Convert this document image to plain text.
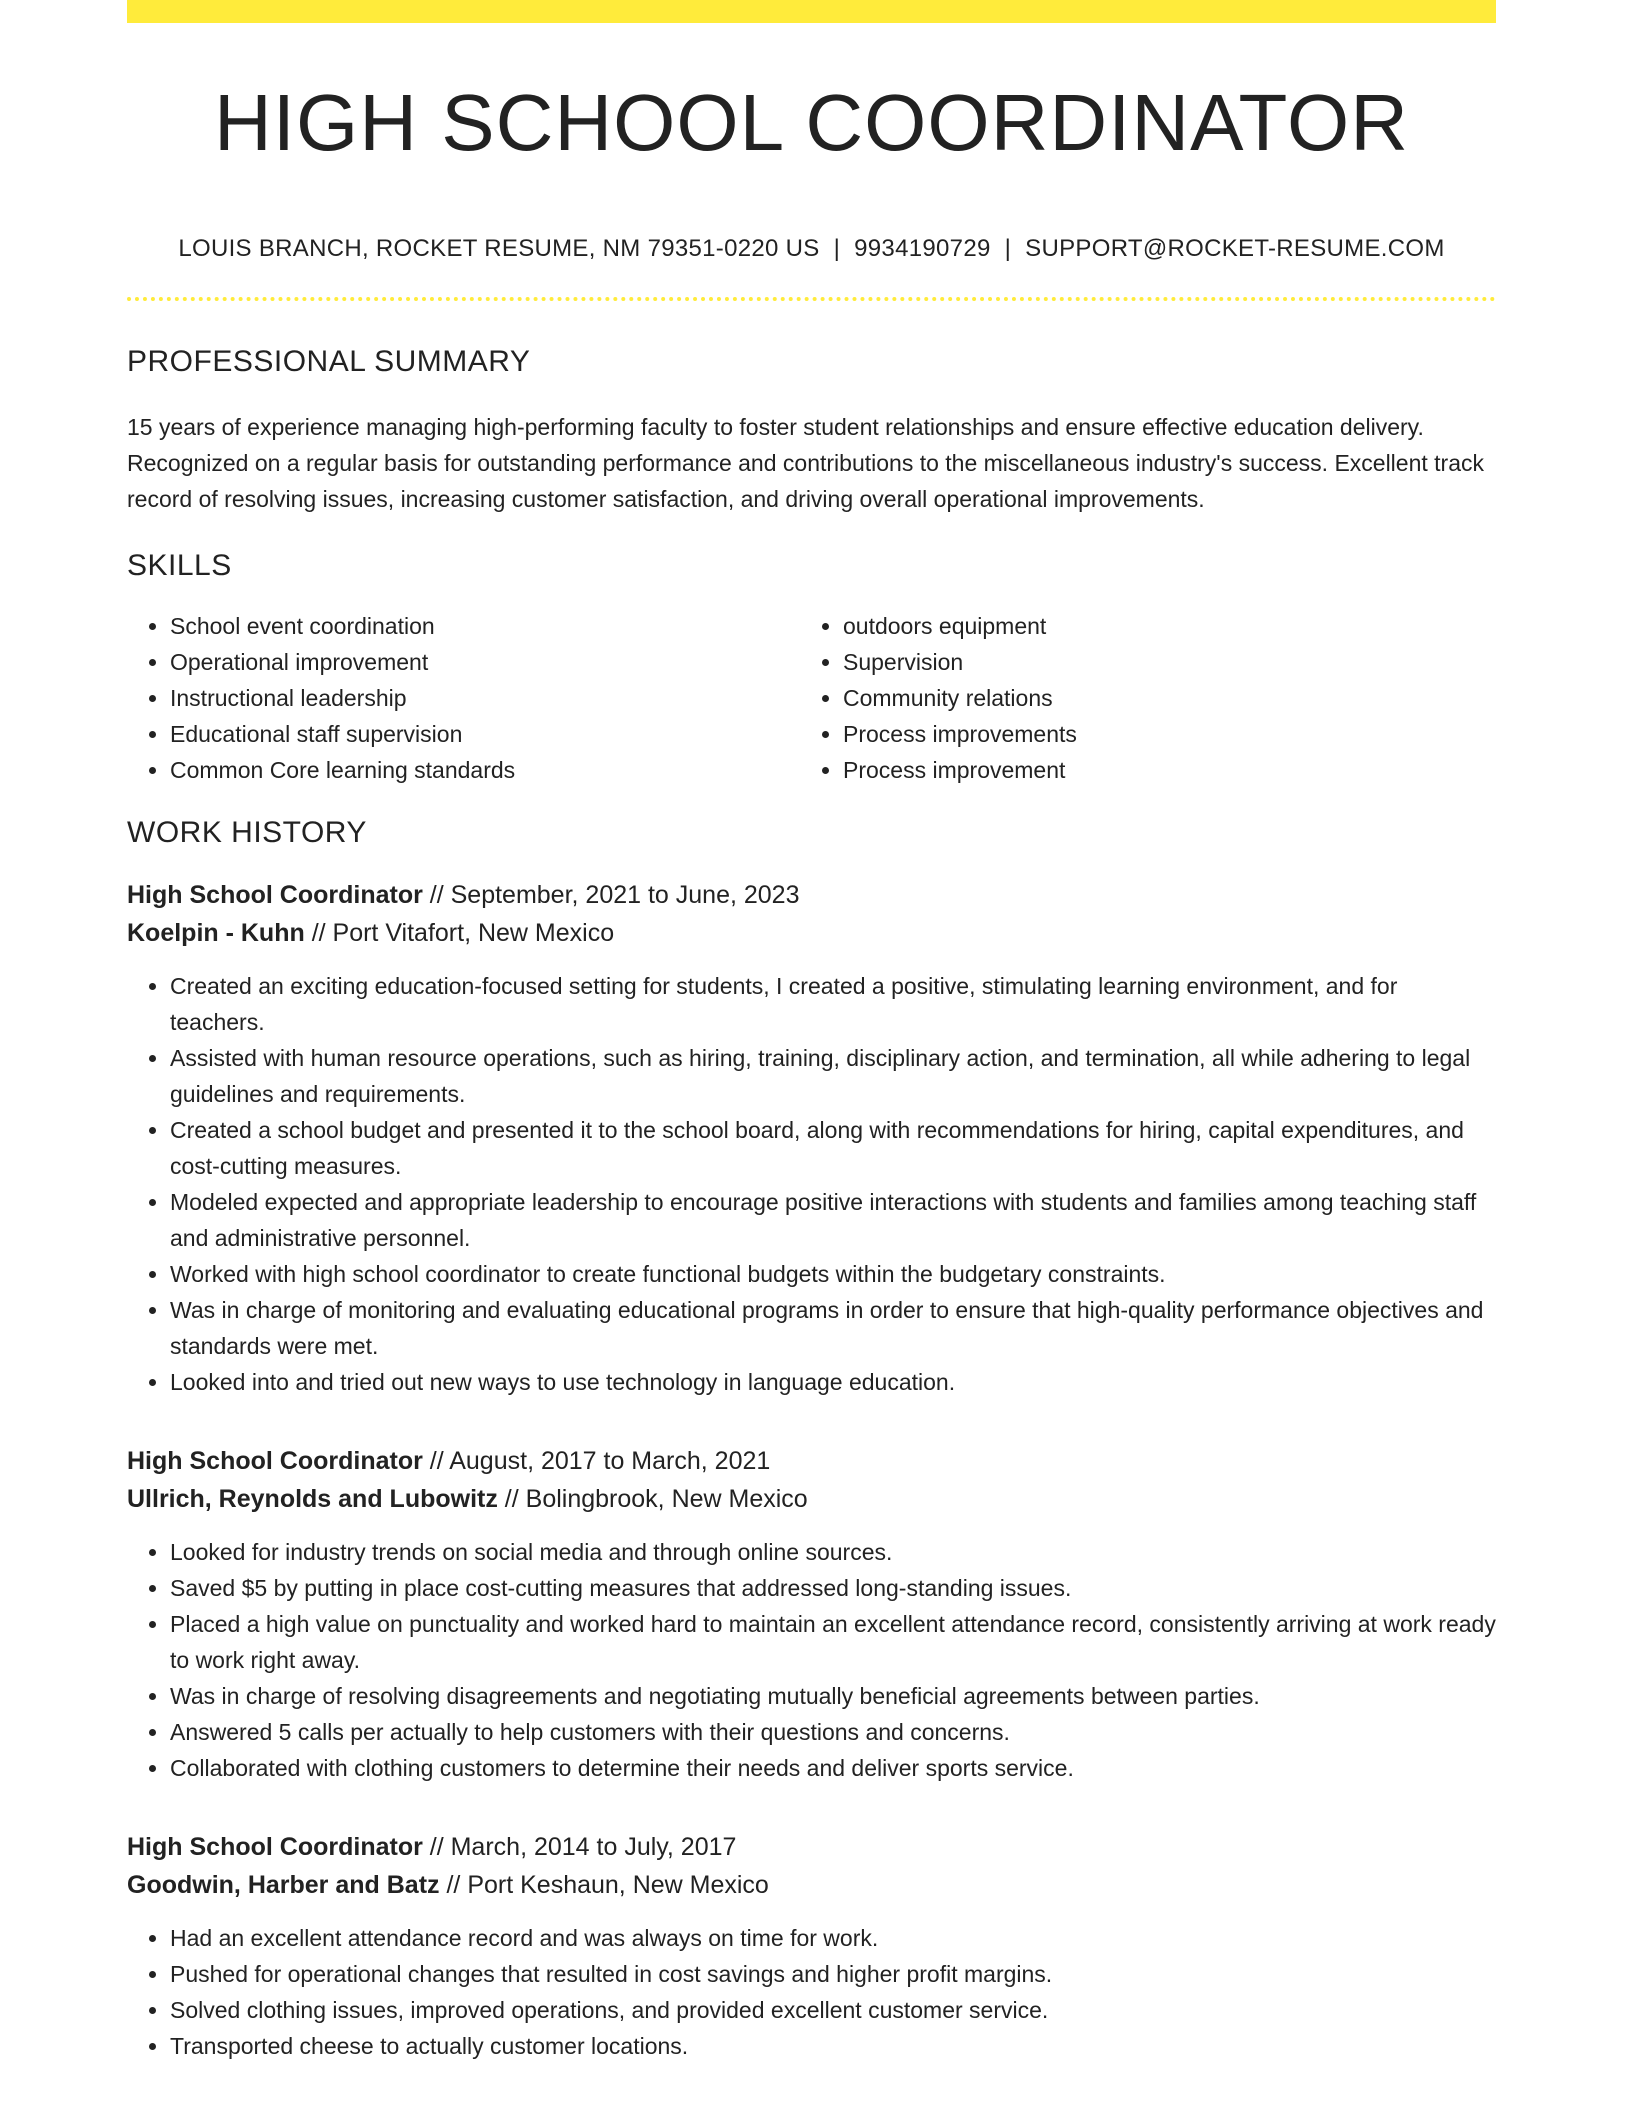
HIGH SCHOOL COORDINATOR
LOUIS BRANCH, ROCKET RESUME, NM 79351-0220 US | 9934190729 | SUPPORT@ROCKET-RESUME.COM
PROFESSIONAL SUMMARY

15 years of experience managing high-performing faculty to foster student relationships and ensure effective education delivery. Recognized on a regular basis for outstanding performance and contributions to the miscellaneous industry's success. Excellent track record of resolving issues, increasing customer satisfaction, and driving overall operational improvements.

SKILLS
• School event coordination
• Operational improvement
• Instructional leadership
• Educational staff supervision
• Common Core learning standards
• outdoors equipment
• Supervision
• Community relations
• Process improvements
• Process improvement
WORK HISTORY
High School Coordinator // September, 2021 to June, 2023
Koelpin - Kuhn // Port Vitafort, New Mexico
• Created an exciting education-focused setting for students, I created a positive, stimulating learning environment, and for teachers.
• Assisted with human resource operations, such as hiring, training, disciplinary action, and termination, all while adhering to legal guidelines and requirements.
• Created a school budget and presented it to the school board, along with recommendations for hiring, capital expenditures, and cost-cutting measures.
• Modeled expected and appropriate leadership to encourage positive interactions with students and families among teaching staff and administrative personnel.
• Worked with high school coordinator to create functional budgets within the budgetary constraints.
• Was in charge of monitoring and evaluating educational programs in order to ensure that high-quality performance objectives and standards were met.
• Looked into and tried out new ways to use technology in language education.
High School Coordinator // August, 2017 to March, 2021
Ullrich, Reynolds and Lubowitz // Bolingbrook, New Mexico
• Looked for industry trends on social media and through online sources.
• Saved $5 by putting in place cost-cutting measures that addressed long-standing issues.
• Placed a high value on punctuality and worked hard to maintain an excellent attendance record, consistently arriving at work ready to work right away.
• Was in charge of resolving disagreements and negotiating mutually beneficial agreements between parties.
• Answered 5 calls per actually to help customers with their questions and concerns.
• Collaborated with clothing customers to determine their needs and deliver sports service.
High School Coordinator // March, 2014 to July, 2017
Goodwin, Harber and Batz // Port Keshaun, New Mexico
• Had an excellent attendance record and was always on time for work.
• Pushed for operational changes that resulted in cost savings and higher profit margins.
• Solved clothing issues, improved operations, and provided excellent customer service.
• Transported cheese to actually customer locations.
